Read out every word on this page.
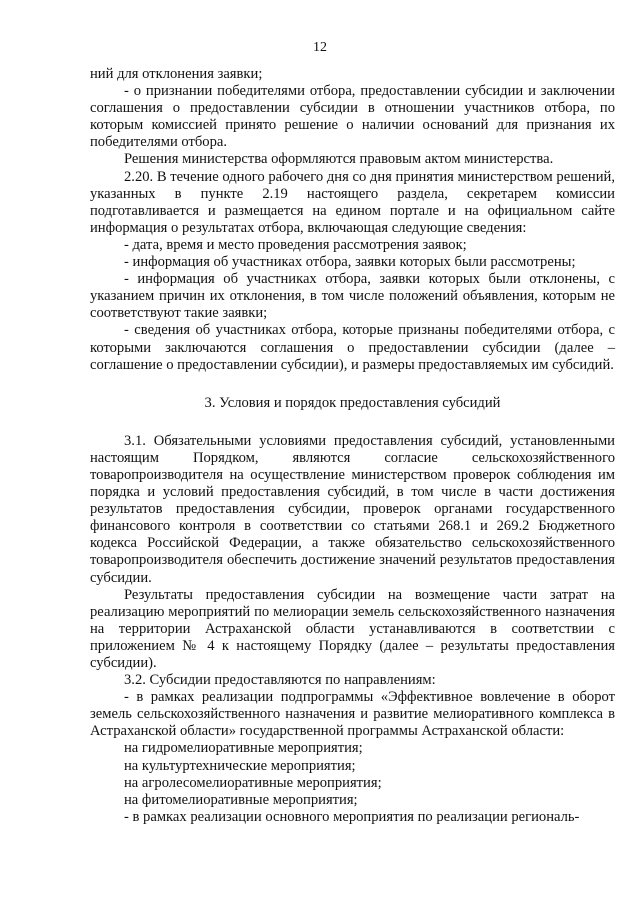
12

ний для отклонения заявки;

- о признании победителями отбора, предоставлении субсидии и заключении соглашения о предоставлении субсидии в отношении участников отбора, по которым комиссией принято решение о наличии оснований для признания их победителями отбора.

Решения министерства оформляются правовым актом министерства.

2.20. В течение одного рабочего дня со дня принятия министерством решений, указанных в пункте 2.19 настоящего раздела, секретарем комиссии подготавливается и размещается на едином портале и на официальном сайте информация о результатах отбора, включающая следующие сведения:

- дата, время и место проведения рассмотрения заявок;

- информация об участниках отбора, заявки которых были рассмотрены;

- информация об участниках отбора, заявки которых были отклонены, с указанием причин их отклонения, в том числе положений объявления, которым не соответствуют такие заявки;

- сведения об участниках отбора, которые признаны победителями отбора, с которыми заключаются соглашения о предоставлении субсидии (далее – соглашение о предоставлении субсидии), и размеры предоставляемых им субсидий.

3. Условия и порядок предоставления субсидий

3.1. Обязательными условиями предоставления субсидий, установленными настоящим Порядком, являются согласие сельскохозяйственного товаропроизводителя на осуществление министерством проверок соблюдения им порядка и условий предоставления субсидий, в том числе в части достижения результатов предоставления субсидии, проверок органами государственного финансового контроля в соответствии со статьями 268.1 и 269.2 Бюджетного кодекса Российской Федерации, а также обязательство сельскохозяйственного товаропроизводителя обеспечить достижение значений результатов предоставления субсидии.

Результаты предоставления субсидии на возмещение части затрат на реализацию мероприятий по мелиорации земель сельскохозяйственного назначения на территории Астраханской области устанавливаются в соответствии с приложением № 4 к настоящему Порядку (далее – результаты предоставления субсидии).

3.2. Субсидии предоставляются по направлениям:

- в рамках реализации подпрограммы «Эффективное вовлечение в оборот земель сельскохозяйственного назначения и развитие мелиоративного комплекса в Астраханской области» государственной программы Астраханской области:

на гидромелиоративные мероприятия;

на культуртехнические мероприятия;

на агролесомелиоративные мероприятия;

на фитомелиоративные мероприятия;

- в рамках реализации основного мероприятия по реализации региональ-
